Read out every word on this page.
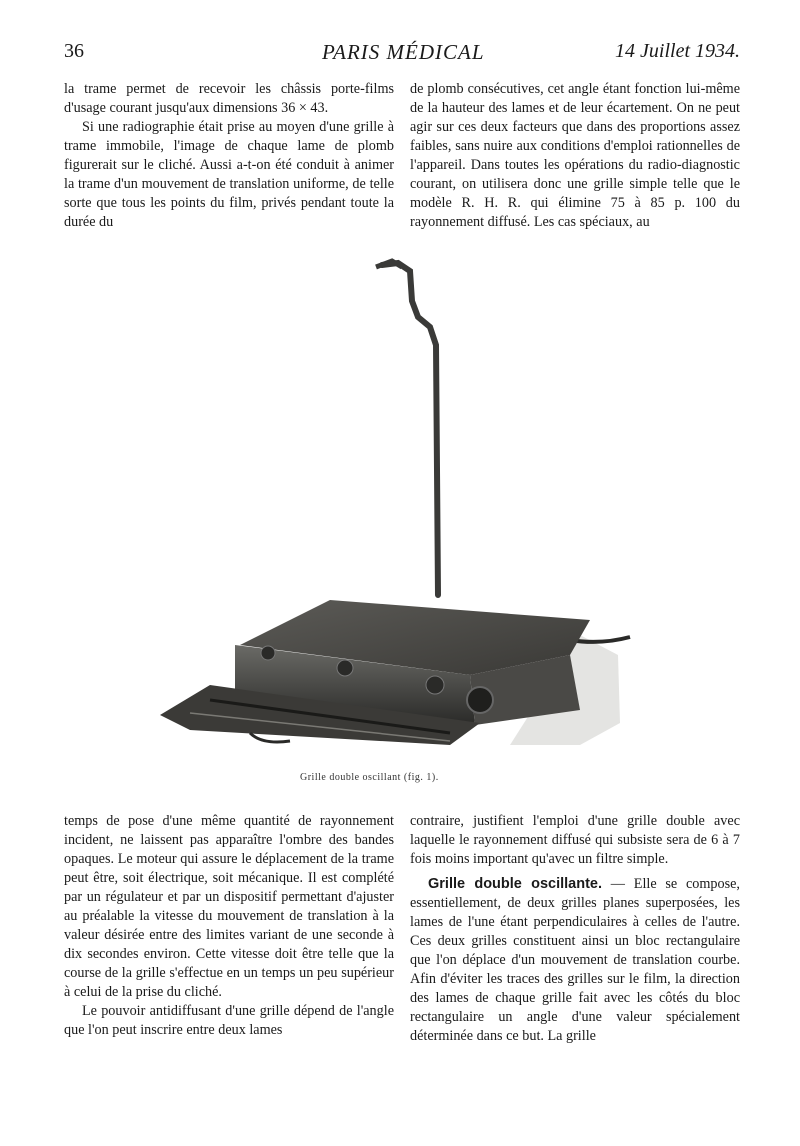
36	PARIS MÉDICAL	14 Juillet 1934.

la trame permet de recevoir les châssis porte-films d'usage courant jusqu'aux dimensions 36 × 43.

Si une radiographie était prise au moyen d'une grille à trame immobile, l'image de chaque lame de plomb figurerait sur le cliché. Aussi a-t-on été conduit à animer la trame d'un mouvement de translation uniforme, de telle sorte que tous les points du film, privés pendant toute la durée du

de plomb consécutives, cet angle étant fonction lui-même de la hauteur des lames et de leur écartement. On ne peut agir sur ces deux facteurs que dans des proportions assez faibles, sans nuire aux conditions d'emploi rationnelles de l'appareil. Dans toutes les opérations du radio-diagnostic courant, on utilisera donc une grille simple telle que le modèle R. H. R. qui élimine 75 à 85 p. 100 du rayonnement diffusé. Les cas spéciaux, au

Grille double oscillant (fig. 1).

temps de pose d'une même quantité de rayonnement incident, ne laissent pas apparaître l'ombre des bandes opaques. Le moteur qui assure le déplacement de la trame peut être, soit électrique, soit mécanique. Il est complété par un régulateur et par un dispositif permettant d'ajuster au préalable la vitesse du mouvement de translation à la valeur désirée entre des limites variant de une seconde à dix secondes environ. Cette vitesse doit être telle que la course de la grille s'effectue en un temps un peu supérieur à celui de la prise du cliché.

Le pouvoir antidiffusant d'une grille dépend de l'angle que l'on peut inscrire entre deux lames

contraire, justifient l'emploi d'une grille double avec laquelle le rayonnement diffusé qui subsiste sera de 6 à 7 fois moins important qu'avec un filtre simple.

Grille double oscillante. — Elle se compose, essentiellement, de deux grilles planes superposées, les lames de l'une étant perpendiculaires à celles de l'autre. Ces deux grilles constituent ainsi un bloc rectangulaire que l'on déplace d'un mouvement de translation courbe. Afin d'éviter les traces des grilles sur le film, la direction des lames de chaque grille fait avec les côtés du bloc rectangulaire un angle d'une valeur spécialement déterminée dans ce but. La grille
